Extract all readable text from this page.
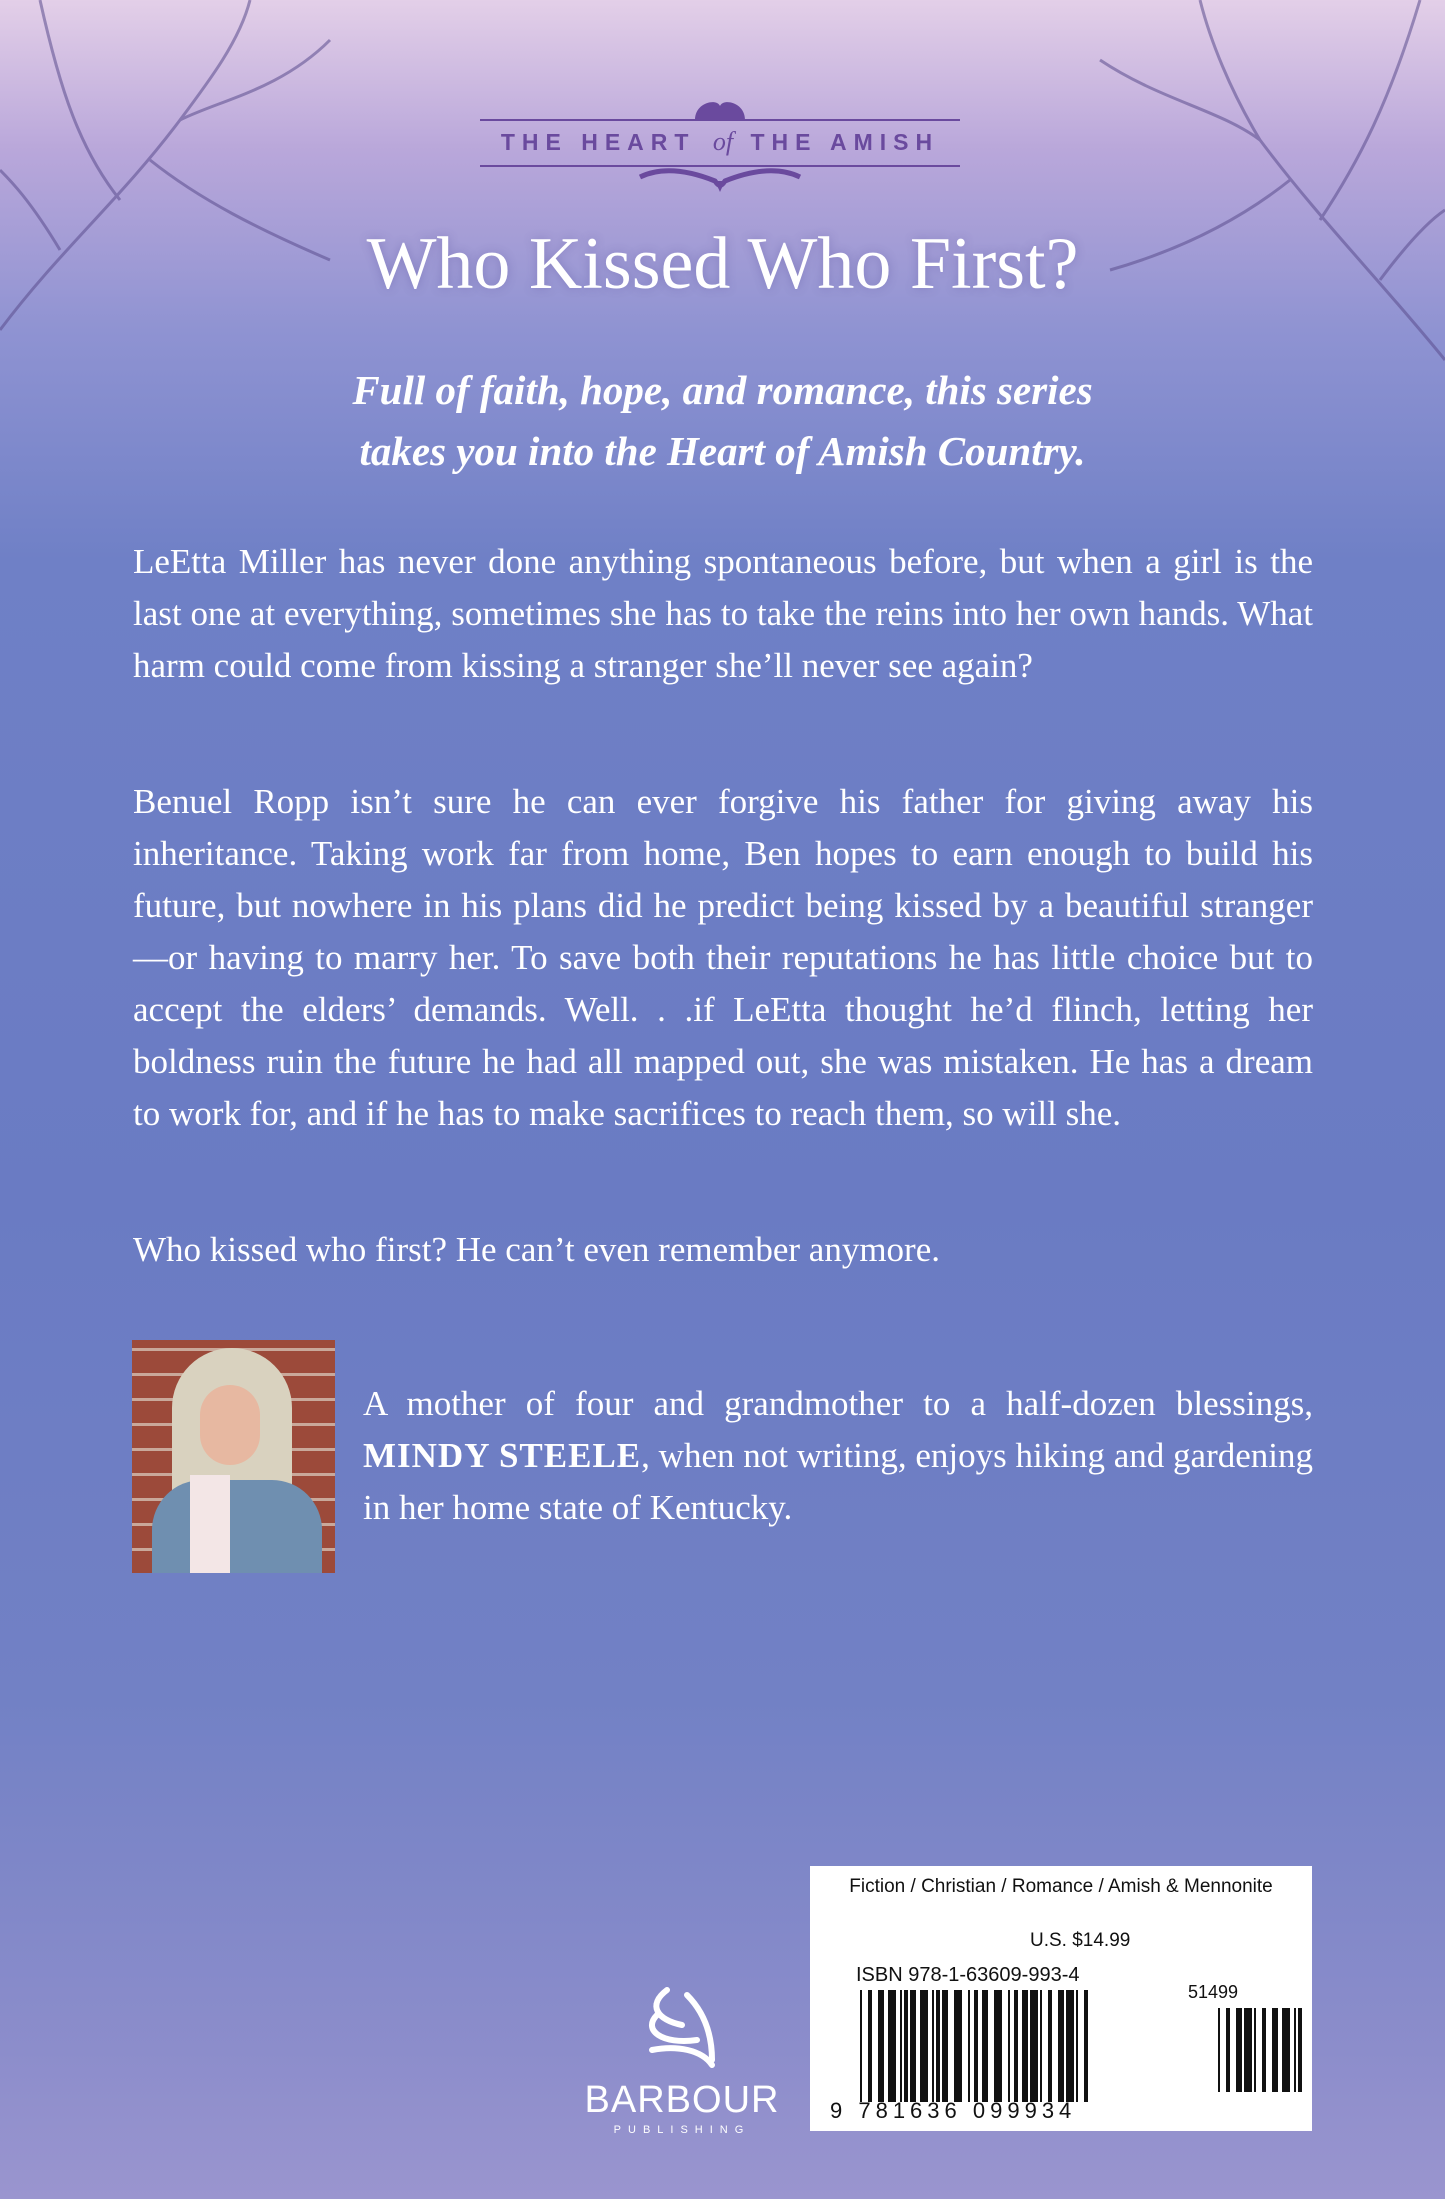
THE HEART of THE AMISH
Who Kissed Who First?
Full of faith, hope, and romance, this series
takes you into the Heart of Amish Country.
LeEtta Miller has never done anything spontaneous before, but when a girl is the last one at everything, sometimes she has to take the reins into her own hands. What harm could come from kissing a stranger she’ll never see again?
Benuel Ropp isn’t sure he can ever forgive his father for giving away his inheritance. Taking work far from home, Ben hopes to earn enough to build his future, but nowhere in his plans did he predict being kissed by a beautiful stranger—or having to marry her. To save both their reputations he has little choice but to accept the elders’ demands. Well. . .if LeEtta thought he’d flinch, letting her boldness ruin the future he had all mapped out, she was mistaken. He has a dream to work for, and if he has to make sacrifices to reach them, so will she.
Who kissed who first? He can’t even remember anymore.
A mother of four and grandmother to a half-dozen blessings, MINDY STEELE, when not writing, enjoys hiking and gardening in her home state of Kentucky.
BARBOUR
PUBLISHING
Fiction / Christian / Romance / Amish & Mennonite
U.S. $14.99
ISBN 978-1-63609-993-4
51499
9 781636 099934
